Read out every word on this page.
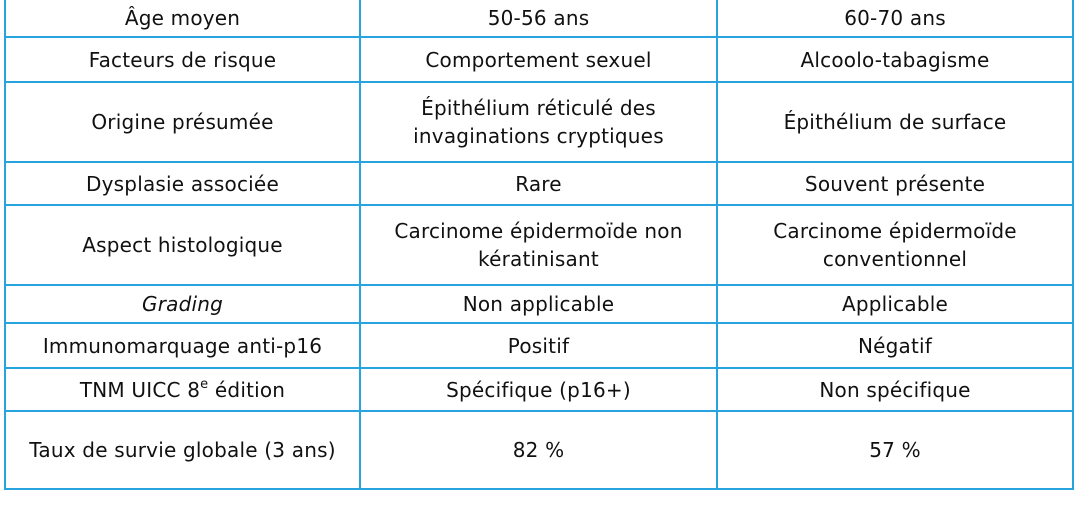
Âge moyen	50-56 ans	60-70 ans
Facteurs de risque	Comportement sexuel	Alcoolo-tabagisme
Origine présumée	Épithélium réticulé des invaginations cryptiques	Épithélium de surface
Dysplasie associée	Rare	Souvent présente
Aspect histologique	Carcinome épidermoïde non kératinisant	Carcinome épidermoïde conventionnel
Grading	Non applicable	Applicable
Immunomarquage anti-p16	Positif	Négatif
TNM UICC 8e édition	Spécifique (p16+)	Non spécifique
Taux de survie globale (3 ans)	82 %	57 %
